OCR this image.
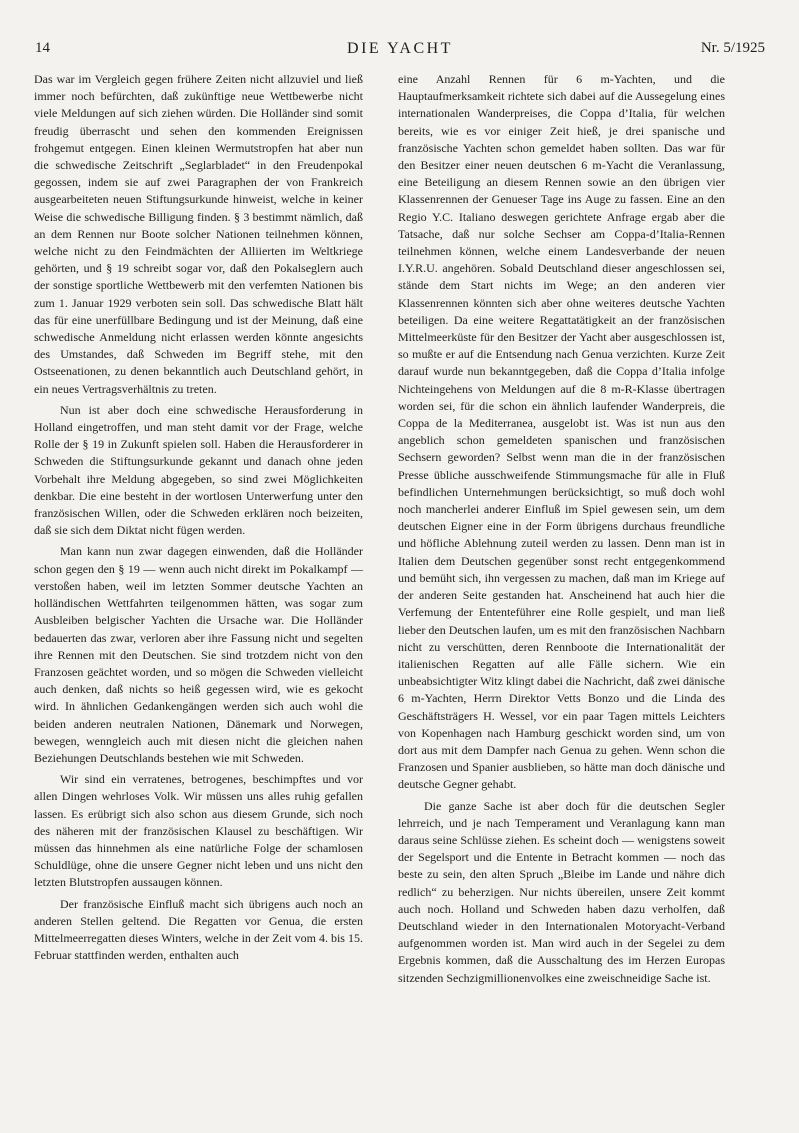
14	DIE YACHT	Nr. 5/1925

Das war im Vergleich gegen frühere Zeiten nicht allzuviel und ließ immer noch befürchten, daß zukünftige neue Wettbewerbe nicht viele Meldungen auf sich ziehen würden. Die Holländer sind somit freudig überrascht und sehen den kommenden Ereignissen frohgemut entgegen. Einen kleinen Wermutstropfen hat aber nun die schwedische Zeitschrift „Seglarbladet“ in den Freudenpokal gegossen, indem sie auf zwei Paragraphen der von Frankreich ausgearbeiteten neuen Stiftungsurkunde hinweist, welche in keiner Weise die schwedische Billigung finden. § 3 bestimmt nämlich, daß an dem Rennen nur Boote solcher Nationen teilnehmen können, welche nicht zu den Feindmächten der Alliierten im Weltkriege gehörten, und § 19 schreibt sogar vor, daß den Pokalseglern auch der sonstige sportliche Wettbewerb mit den verfemten Nationen bis zum 1. Januar 1929 verboten sein soll. Das schwedische Blatt hält das für eine unerfüllbare Bedingung und ist der Meinung, daß eine schwedische Anmeldung nicht erlassen werden könnte angesichts des Umstandes, daß Schweden im Begriff stehe, mit den Ostseenationen, zu denen bekanntlich auch Deutschland gehört, in ein neues Vertragsverhältnis zu treten.

Nun ist aber doch eine schwedische Herausforderung in Holland eingetroffen, und man steht damit vor der Frage, welche Rolle der § 19 in Zukunft spielen soll. Haben die Herausforderer in Schweden die Stiftungsurkunde gekannt und danach ohne jeden Vorbehalt ihre Meldung abgegeben, so sind zwei Möglichkeiten denkbar. Die eine besteht in der wortlosen Unterwerfung unter den französischen Willen, oder die Schweden erklären noch beizeiten, daß sie sich dem Diktat nicht fügen werden.

Man kann nun zwar dagegen einwenden, daß die Holländer schon gegen den § 19 — wenn auch nicht direkt im Pokalkampf — verstoßen haben, weil im letzten Sommer deutsche Yachten an holländischen Wettfahrten teilgenommen hätten, was sogar zum Ausbleiben belgischer Yachten die Ursache war. Die Holländer bedauerten das zwar, verloren aber ihre Fassung nicht und segelten ihre Rennen mit den Deutschen. Sie sind trotzdem nicht von den Franzosen geächtet worden, und so mögen die Schweden vielleicht auch denken, daß nichts so heiß gegessen wird, wie es gekocht wird. In ähnlichen Gedankengängen werden sich auch wohl die beiden anderen neutralen Nationen, Dänemark und Norwegen, bewegen, wenngleich auch mit diesen nicht die gleichen nahen Beziehungen Deutschlands bestehen wie mit Schweden.

Wir sind ein verratenes, betrogenes, beschimpftes und vor allen Dingen wehrloses Volk. Wir müssen uns alles ruhig gefallen lassen. Es erübrigt sich also schon aus diesem Grunde, sich noch des näheren mit der französischen Klausel zu beschäftigen. Wir müssen das hinnehmen als eine natürliche Folge der schamlosen Schuldlüge, ohne die unsere Gegner nicht leben und uns nicht den letzten Blutstropfen aussaugen können.

Der französische Einfluß macht sich übrigens auch noch an anderen Stellen geltend. Die Regatten vor Genua, die ersten Mittelmeerregatten dieses Winters, welche in der Zeit vom 4. bis 15. Februar stattfinden werden, enthalten auch

eine Anzahl Rennen für 6 m-Yachten, und die Hauptaufmerksamkeit richtete sich dabei auf die Aussegelung eines internationalen Wanderpreises, die Coppa d’Italia, für welchen bereits, wie es vor einiger Zeit hieß, je drei spanische und französische Yachten schon gemeldet haben sollten. Das war für den Besitzer einer neuen deutschen 6 m-Yacht die Veranlassung, eine Beteiligung an diesem Rennen sowie an den übrigen vier Klassenrennen der Genueser Tage ins Auge zu fassen. Eine an den Regio Y.C. Italiano deswegen gerichtete Anfrage ergab aber die Tatsache, daß nur solche Sechser am Coppa-d’Italia-Rennen teilnehmen können, welche einem Landesverbande der neuen I.Y.R.U. angehören. Sobald Deutschland dieser angeschlossen sei, stände dem Start nichts im Wege; an den anderen vier Klassenrennen könnten sich aber ohne weiteres deutsche Yachten beteiligen. Da eine weitere Regattatätigkeit an der französischen Mittelmeerküste für den Besitzer der Yacht aber ausgeschlossen ist, so mußte er auf die Entsendung nach Genua verzichten. Kurze Zeit darauf wurde nun bekanntgegeben, daß die Coppa d’Italia infolge Nichteingehens von Meldungen auf die 8 m-R-Klasse übertragen worden sei, für die schon ein ähnlich laufender Wanderpreis, die Coppa de la Mediterranea, ausgelobt ist. Was ist nun aus den angeblich schon gemeldeten spanischen und französischen Sechsern geworden? Selbst wenn man die in der französischen Presse übliche ausschweifende Stimmungsmache für alle in Fluß befindlichen Unternehmungen berücksichtigt, so muß doch wohl noch mancherlei anderer Einfluß im Spiel gewesen sein, um dem deutschen Eigner eine in der Form übrigens durchaus freundliche und höfliche Ablehnung zuteil werden zu lassen. Denn man ist in Italien dem Deutschen gegenüber sonst recht entgegenkommend und bemüht sich, ihn vergessen zu machen, daß man im Kriege auf der anderen Seite gestanden hat. Anscheinend hat auch hier die Verfemung der Ententeführer eine Rolle gespielt, und man ließ lieber den Deutschen laufen, um es mit den französischen Nachbarn nicht zu verschütten, deren Rennboote die Internationalität der italienischen Regatten auf alle Fälle sichern. Wie ein unbeabsichtigter Witz klingt dabei die Nachricht, daß zwei dänische 6 m-Yachten, Herrn Direktor Vetts Bonzo und die Linda des Geschäftsträgers H. Wessel, vor ein paar Tagen mittels Leichters von Kopenhagen nach Hamburg geschickt worden sind, um von dort aus mit dem Dampfer nach Genua zu gehen. Wenn schon die Franzosen und Spanier ausblieben, so hätte man doch dänische und deutsche Gegner gehabt.

Die ganze Sache ist aber doch für die deutschen Segler lehrreich, und je nach Temperament und Veranlagung kann man daraus seine Schlüsse ziehen. Es scheint doch — wenigstens soweit der Segelsport und die Entente in Betracht kommen — noch das beste zu sein, den alten Spruch „Bleibe im Lande und nähre dich redlich“ zu beherzigen. Nur nichts übereilen, unsere Zeit kommt auch noch. Holland und Schweden haben dazu verholfen, daß Deutschland wieder in den Internationalen Motoryacht-Verband aufgenommen worden ist. Man wird auch in der Segelei zu dem Ergebnis kommen, daß die Ausschaltung des im Herzen Europas sitzenden Sechzigmillionenvolkes eine zweischneidige Sache ist.
